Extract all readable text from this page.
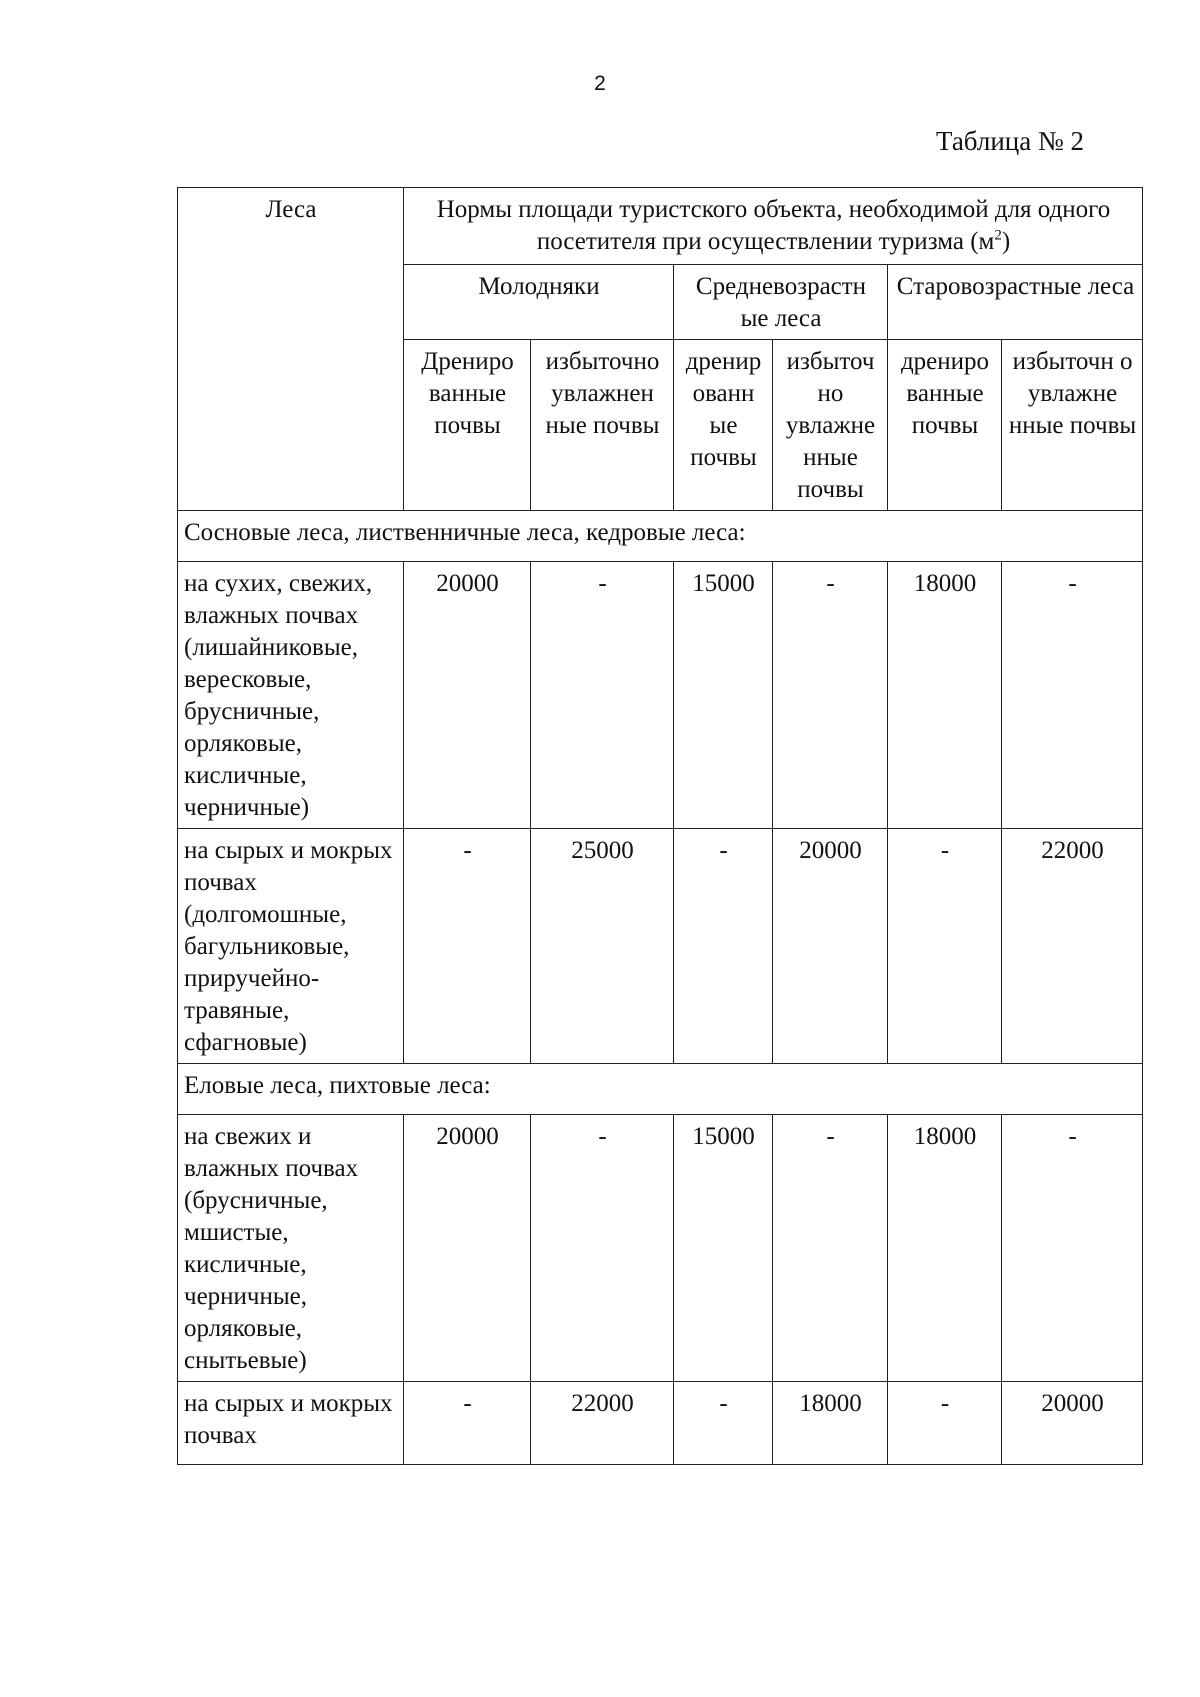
2
Таблица № 2
Леса	Нормы площади туристского объекта, необходимой для одного посетителя при осуществлении туризма $(м^2)$					
	Молодняки		Средневозрастн ые леса		Старовозрастные леса	
	Дрениро ванные почвы	избыточно увлажнен ные почвы	дренир ованн ые почвы	избыточ но увлажне нные почвы	дрениро ванные почвы	избыточн о увлажне нные почвы
Сосновые леса, лиственничные леса, кедровые леса:						
на сухих, свежих, влажных почвах (лишайниковые, вересковые, брусничные, орляковые, кисличные, черничные)	20000	-	15000	-	18000	-
на сырых и мокрых почвах (долгомошные, багульниковые, приручейно-травяные, сфагновые)	-	25000	-	20000	-	22000
Еловые леса, пихтовые леса:						
на свежих и влажных почвах (брусничные, мшистые, кисличные, черничные, орляковые, снытьевые)	20000	-	15000	-	18000	-
на сырых и мокрых почвах	-	22000	-	18000	-	20000
